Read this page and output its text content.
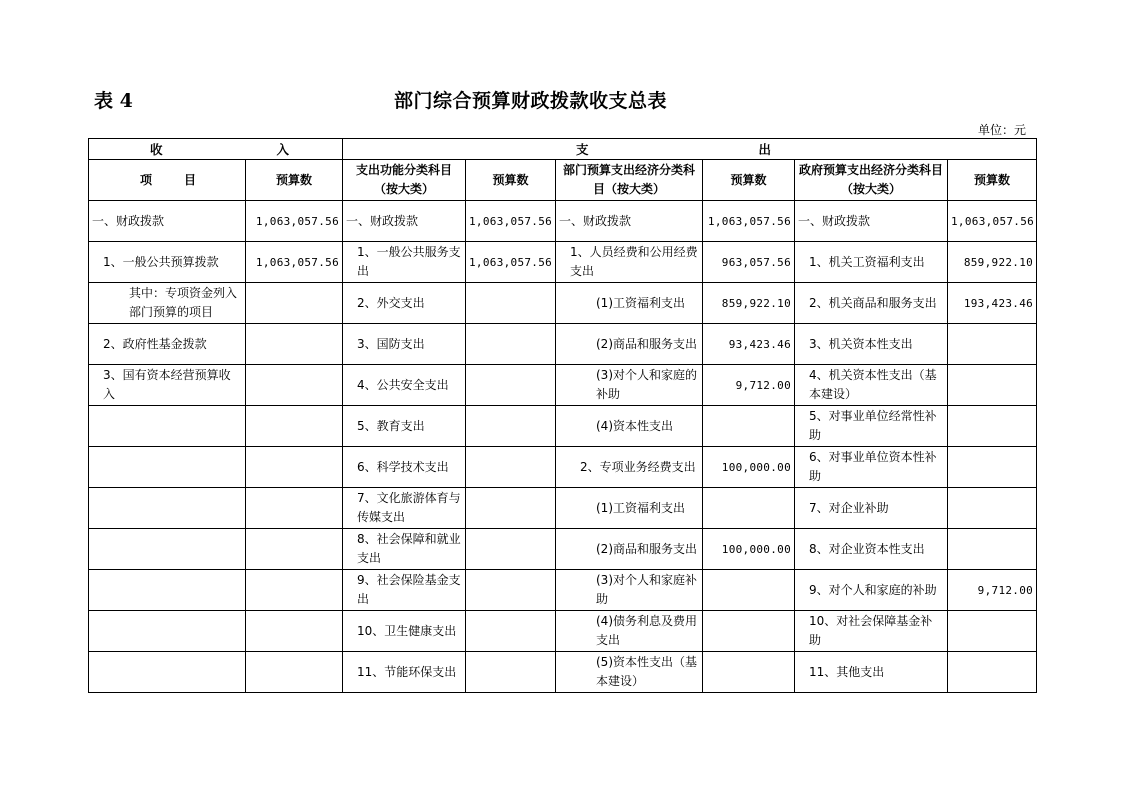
表 4	部门综合预算财政拨款收支总表
单位：元
收 入		支 出					

项 目	预算数	支出功能分类科目（按大类）	预算数	部门预算支出经济分类科目（按大类）	预算数	政府预算支出经济分类科目（按大类）	预算数
一、财政拨款	1,063,057.56	一、财政拨款	1,063,057.56	一、财政拨款	1,063,057.56	一、财政拨款	1,063,057.56
1、一般公共预算拨款	1,063,057.56	1、一般公共服务支出	1,063,057.56	1、人员经费和公用经费支出	963,057.56	1、机关工资福利支出	859,922.10
其中：专项资金列入部门预算的项目		2、外交支出		(1)工资福利支出	859,922.10	2、机关商品和服务支出	193,423.46
2、政府性基金拨款		3、国防支出		(2)商品和服务支出	93,423.46	3、机关资本性支出	
3、国有资本经营预算收入		4、公共安全支出		(3)对个人和家庭的补助	9,712.00	4、机关资本性支出（基本建设）	
		5、教育支出		(4)资本性支出		5、对事业单位经常性补助	
		6、科学技术支出		2、专项业务经费支出	100,000.00	6、对事业单位资本性补助	
		7、文化旅游体育与传媒支出		(1)工资福利支出		7、对企业补助	
		8、社会保障和就业支出		(2)商品和服务支出	100,000.00	8、对企业资本性支出	
		9、社会保险基金支出		(3)对个人和家庭补助		9、对个人和家庭的补助	9,712.00
		10、卫生健康支出		(4)债务利息及费用支出		10、对社会保障基金补助	
		11、节能环保支出		(5)资本性支出（基本建设）		11、其他支出	
